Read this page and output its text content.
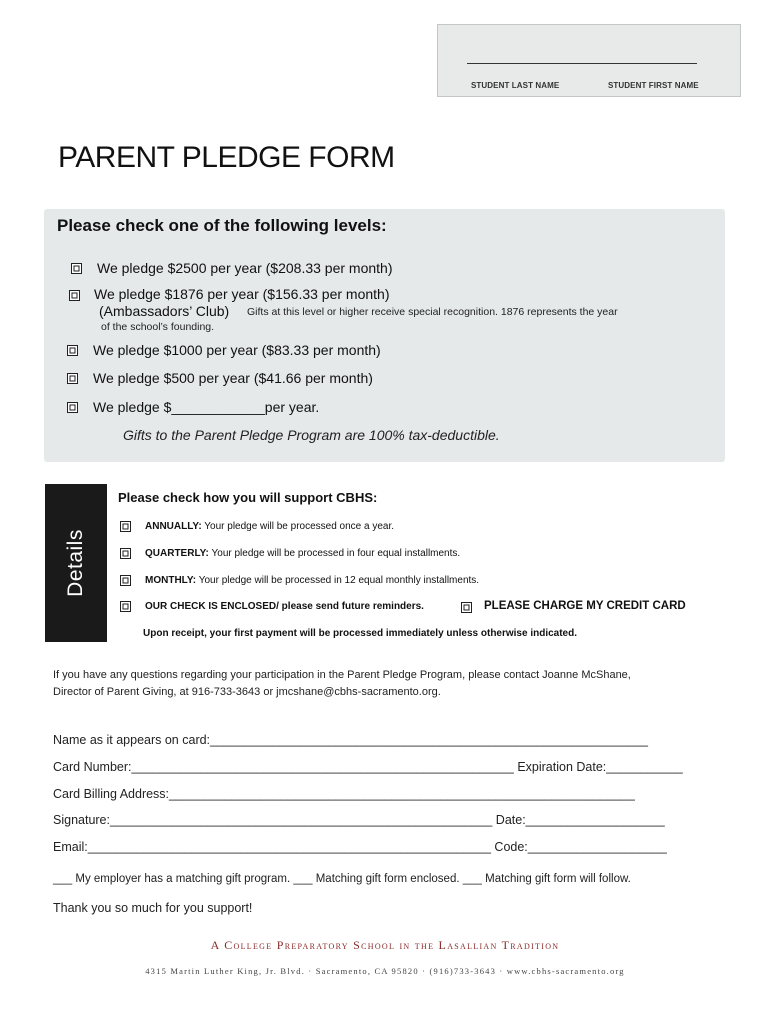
STUDENT LAST NAME	STUDENT FIRST NAME
PARENT PLEDGE FORM
Please check one of the following levels:
We pledge $2500 per year ($208.33 per month)
We pledge $1876 per year ($156.33 per month)
(Ambassadors’ Club) Gifts at this level or higher receive special recognition. 1876 represents the year
of the school’s founding.
We pledge $1000 per year ($83.33 per month)
We pledge $500 per year ($41.66 per month)
We pledge $____________per year.
Gifts to the Parent Pledge Program are 100% tax-deductible.
Details
Please check how you will support CBHS:
ANNUALLY: Your pledge will be processed once a year.
QUARTERLY: Your pledge will be processed in four equal installments.
MONTHLY: Your pledge will be processed in 12 equal monthly installments.
OUR CHECK IS ENCLOSED/ please send future reminders.	PLEASE CHARGE MY CREDIT CARD
Upon receipt, your first payment will be processed immediately unless otherwise indicated.
If you have any questions regarding your participation in the Parent Pledge Program, please contact Joanne McShane,
Director of Parent Giving, at 916-733-3643 or jmcshane@cbhs-sacramento.org.
Name as it appears on card:_______________________________________________________________
Card Number:_______________________________________________________ Expiration Date:___________
Card Billing Address:___________________________________________________________________
Signature:_______________________________________________________ Date:____________________
Email:__________________________________________________________ Code:____________________
___ My employer has a matching gift program. ___ Matching gift form enclosed. ___ Matching gift form will follow.
Thank you so much for you support!
A College Preparatory School in the Lasallian Tradition
4315 Martin Luther King, Jr. Blvd. · Sacramento, CA 95820 · (916)733-3643 · www.cbhs-sacramento.org
